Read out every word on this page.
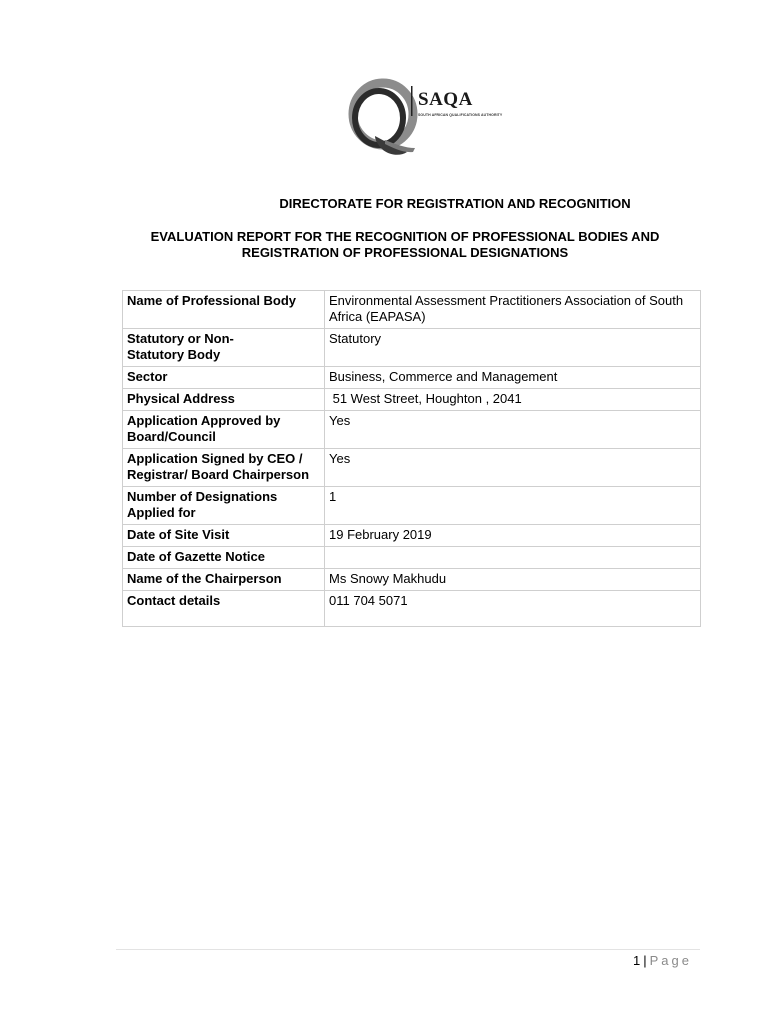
SAQA
SOUTH AFRICAN QUALIFICATIONS AUTHORITY
DIRECTORATE FOR REGISTRATION AND RECOGNITION
EVALUATION REPORT FOR THE RECOGNITION OF PROFESSIONAL BODIES AND
REGISTRATION OF PROFESSIONAL DESIGNATIONS
Name of Professional Body	Environmental Assessment Practitioners Association of South Africa (EAPASA)

Statutory or Non-Statutory Body	Statutory
Sector	Business, Commerce and Management
Physical Address	51 West Street, Houghton , 2041

Application Approved by Board/Council	Yes

Application Signed by CEO / Registrar/ Board Chairperson	Yes

Number of Designations Applied for	1
Date of Site Visit	19 February 2019
Date of Gazette Notice	
Name of the Chairperson	Ms Snowy Makhudu
Contact details	011 704 5071
1 | Page
